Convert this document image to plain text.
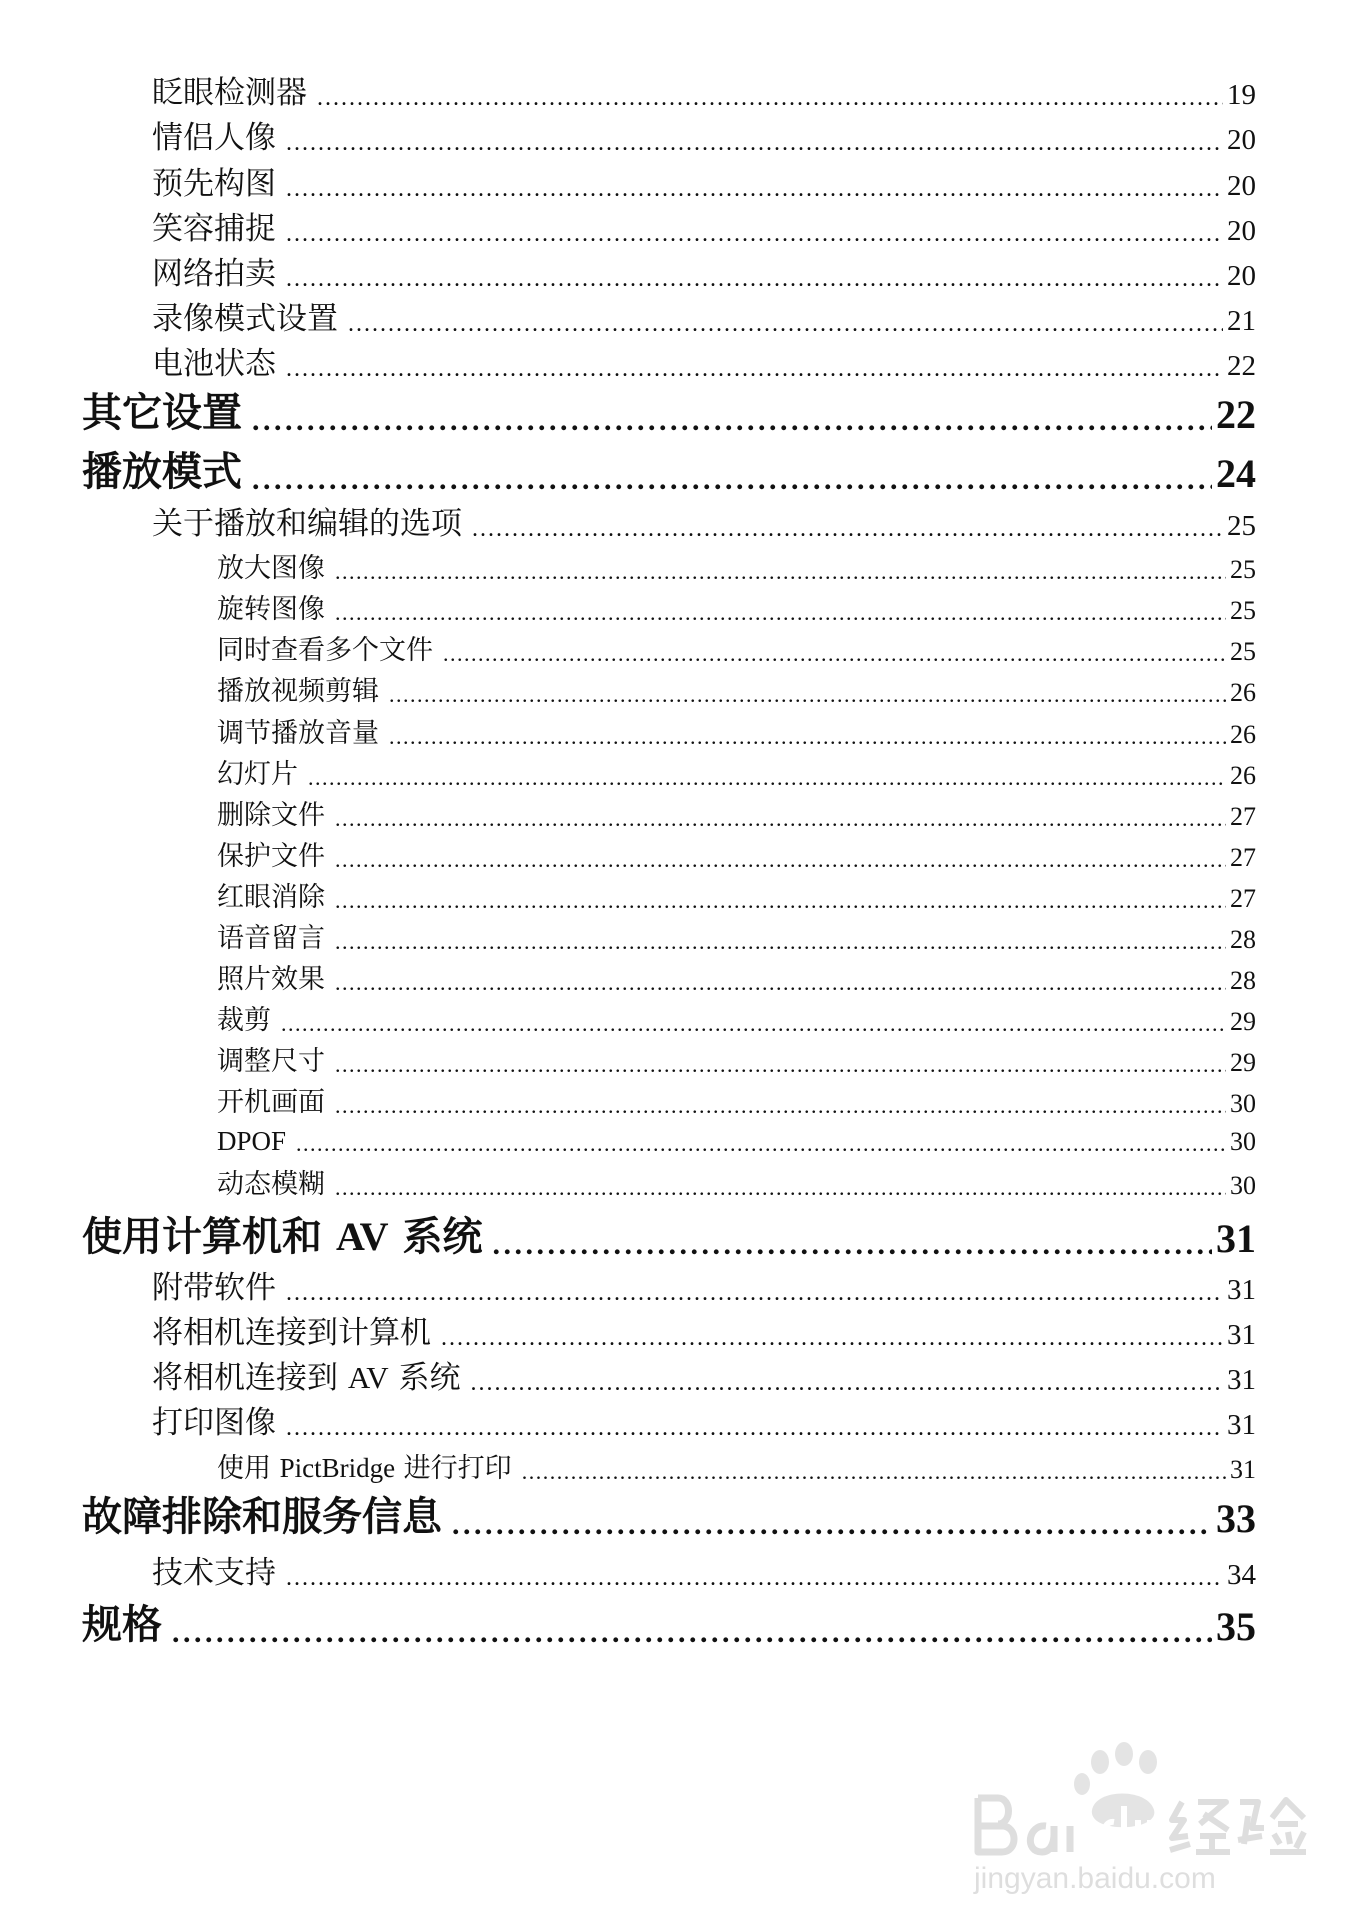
眨眼检测器 . . .	19
情侣人像 . . .	20
预先构图 . . .	20
笑容捕捉 . . .	20
网络拍卖 . . .	20
录像模式设置 . . .	21
电池状态 . . .	22
其它设置 . . .	22
播放模式 . . .	24
关于播放和编辑的选项 . . .	25
放大图像 . . .	25
旋转图像 . . .	25
同时查看多个文件 . . .	25
播放视频剪辑 . . .	26
调节播放音量 . . .	26
幻灯片 . . .	26
删除文件 . . .	27
保护文件 . . .	27
红眼消除 . . .	27
语音留言 . . .	28
照片效果 . . .	28
裁剪 . . .	29
调整尺寸 . . .	29
开机画面 . . .	30
DPOF . . .	30
动态模糊 . . .	30
使用计算机和 AV 系统 . . .	31
附带软件 . . .	31
将相机连接到计算机 . . .	31
将相机连接到 AV 系统 . . .	31
打印图像 . . .	31
使用 PictBridge 进行打印 . . .	31
故障排除和服务信息 . . .	33
技术支持 . . .	34
规格 . . .	35
jingyan.baidu.com
